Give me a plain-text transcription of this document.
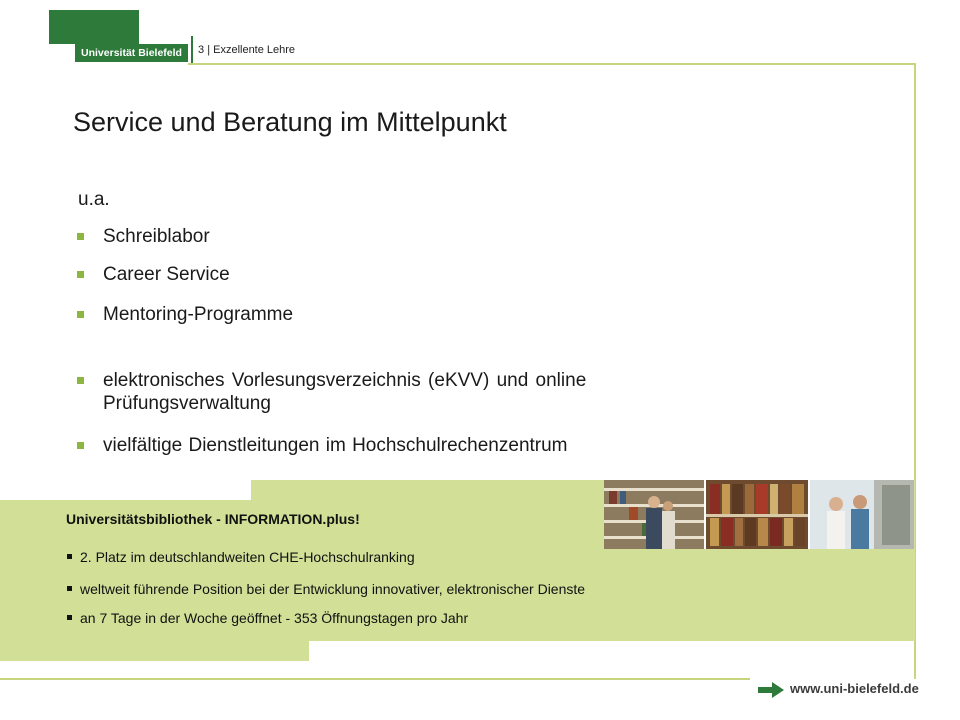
Universität Bielefeld	3 | Exzellente Lehre
Service und Beratung im Mittelpunkt
u.a.
Schreiblabor
Career Service
Mentoring-Programme
elektronisches Vorlesungsverzeichnis (eKVV) und online Prüfungsverwaltung
vielfältige Dienstleitungen im Hochschulrechenzentrum
Universitätsbibliothek - INFORMATION.plus!
2. Platz im deutschlandweiten CHE-Hochschulranking
weltweit führende Position bei der Entwicklung innovativer, elektronischer Dienste
an 7 Tage in der Woche geöffnet - 353 Öffnungstagen pro Jahr
www.uni-bielefeld.de
